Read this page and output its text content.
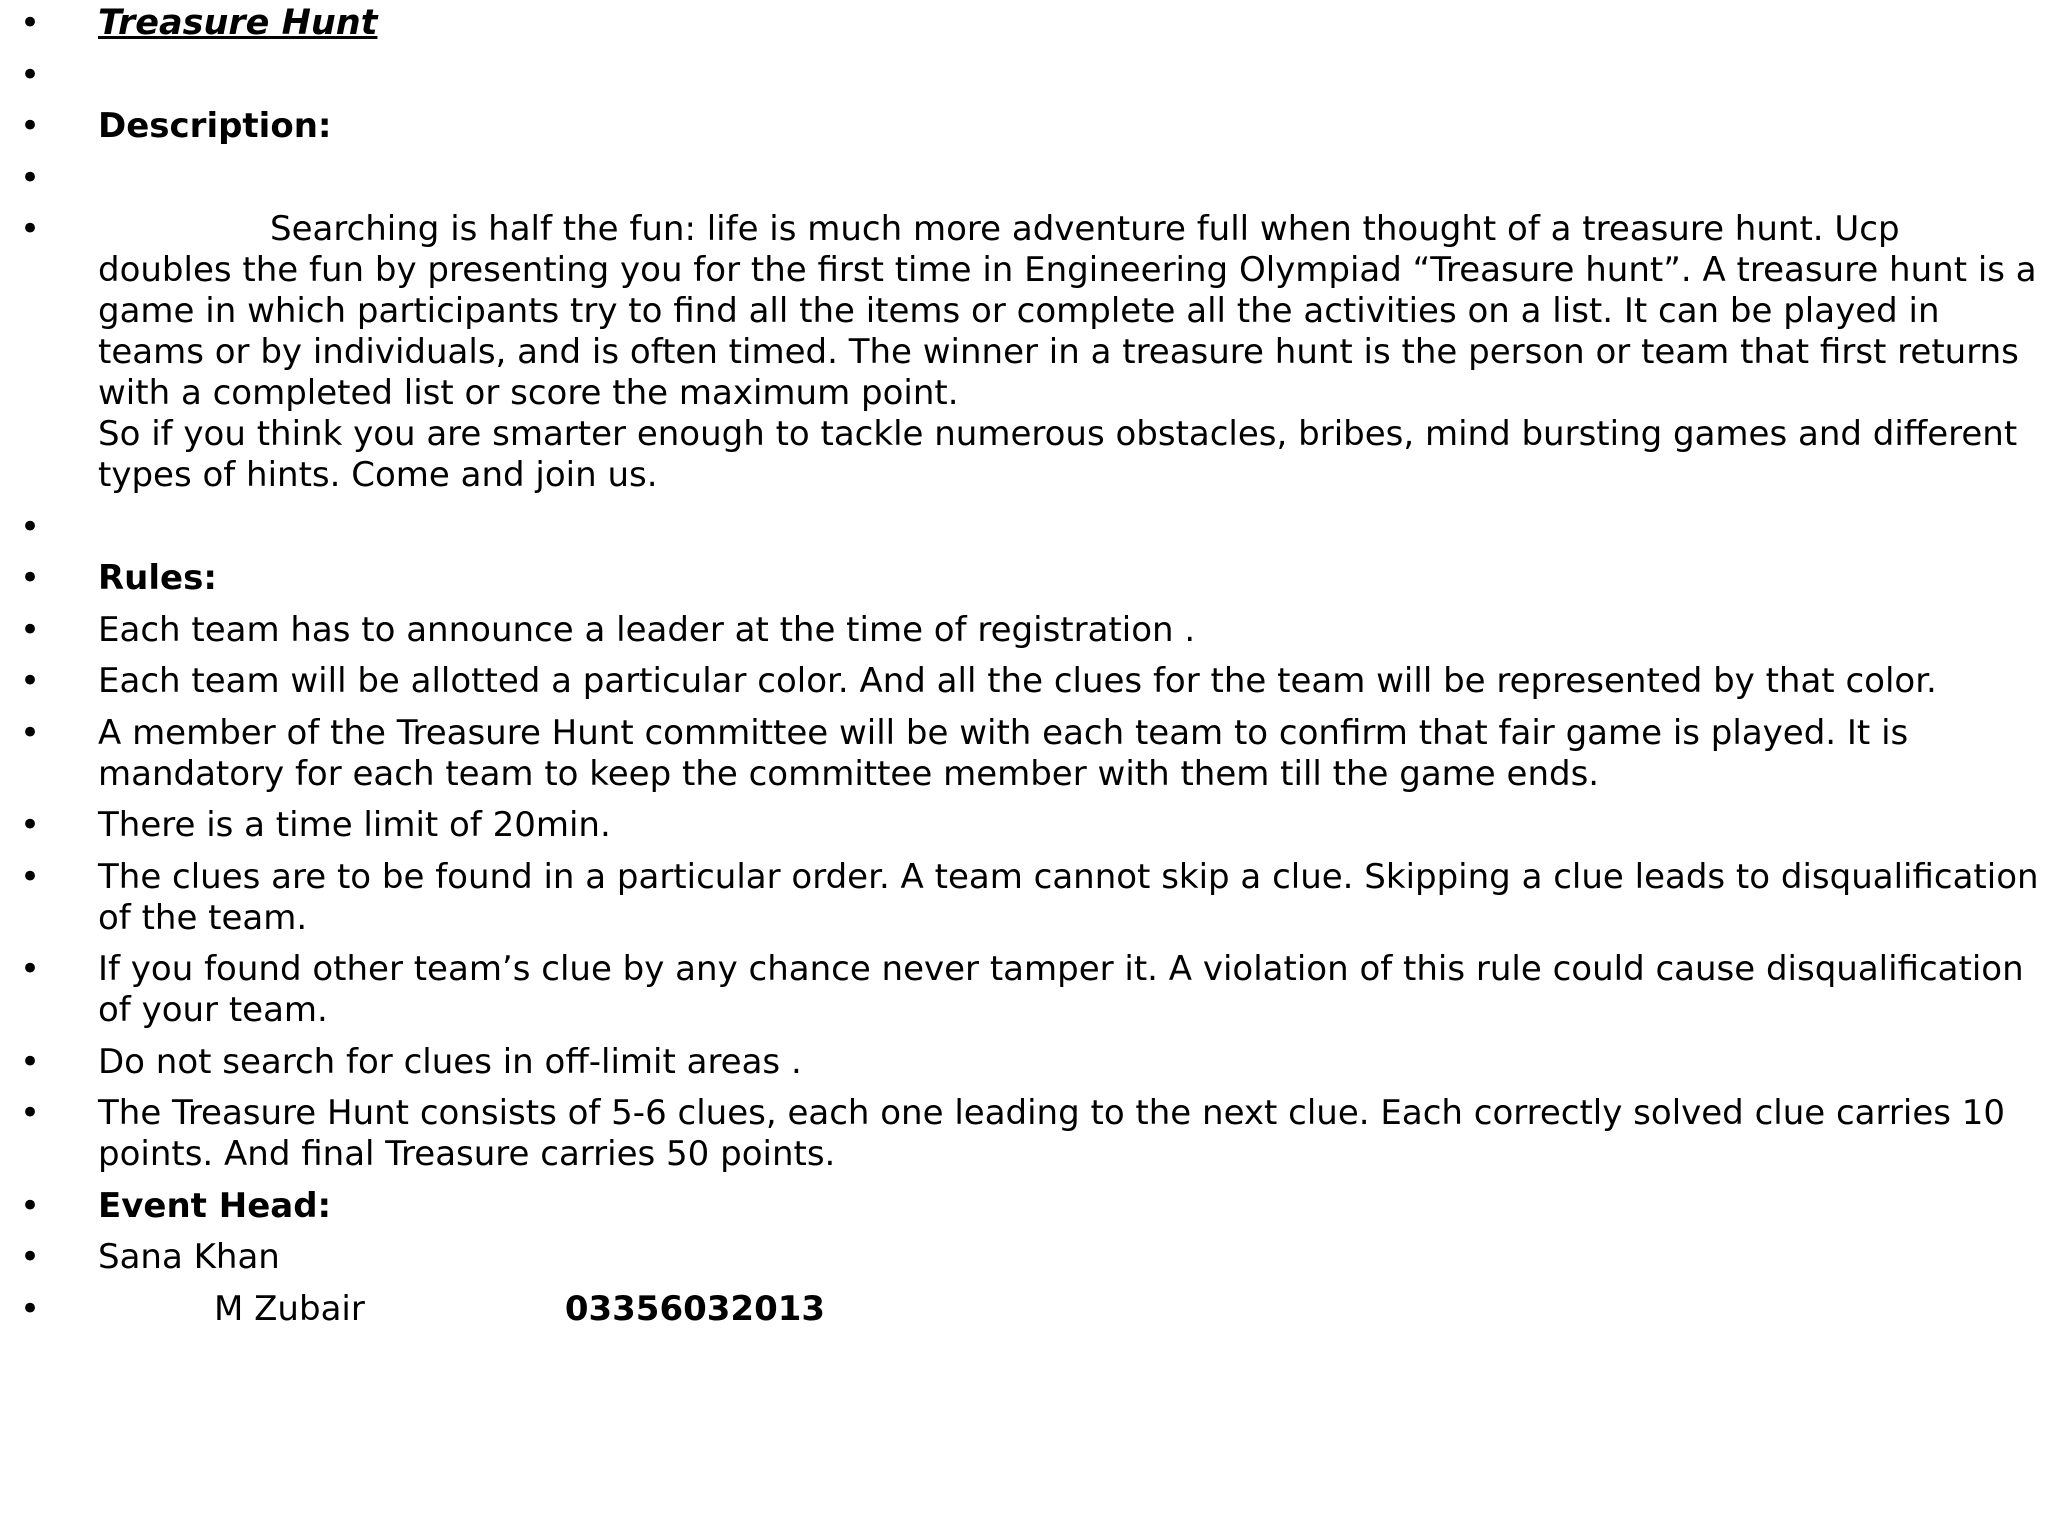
• Treasure Hunt
•
• Description:
•
•	Searching is half the fun: life is much more adventure full when thought of a treasure hunt. Ucp doubles the fun by presenting you for the first time in Engineering Olympiad “Treasure hunt”. A treasure hunt is a game in which participants try to find all the items or complete all the activities on a list. It can be played in teams or by individuals, and is often timed. The winner in a treasure hunt is the person or team that first returns with a completed list or score the maximum point.
So if you think you are smarter enough to tackle numerous obstacles, bribes, mind bursting games and different types of hints. Come and join us.
•
• Rules:
• Each team has to announce a leader at the time of registration .
• Each team will be allotted a particular color. And all the clues for the team will be represented by that color.
• A member of the Treasure Hunt committee will be with each team to confirm that fair game is played. It is mandatory for each team to keep the committee member with them till the game ends.
• There is a time limit of 20min.
• The clues are to be found in a particular order. A team cannot skip a clue. Skipping a clue leads to disqualification of the team.
• If you found other team’s clue by any chance never tamper it. A violation of this rule could cause disqualification of your team.
• Do not search for clues in off-limit areas .
• The Treasure Hunt consists of 5-6 clues, each one leading to the next clue. Each correctly solved clue carries 10 points. And final Treasure carries 50 points.
• Event Head:
• Sana Khan
•	M Zubair	03356032013
